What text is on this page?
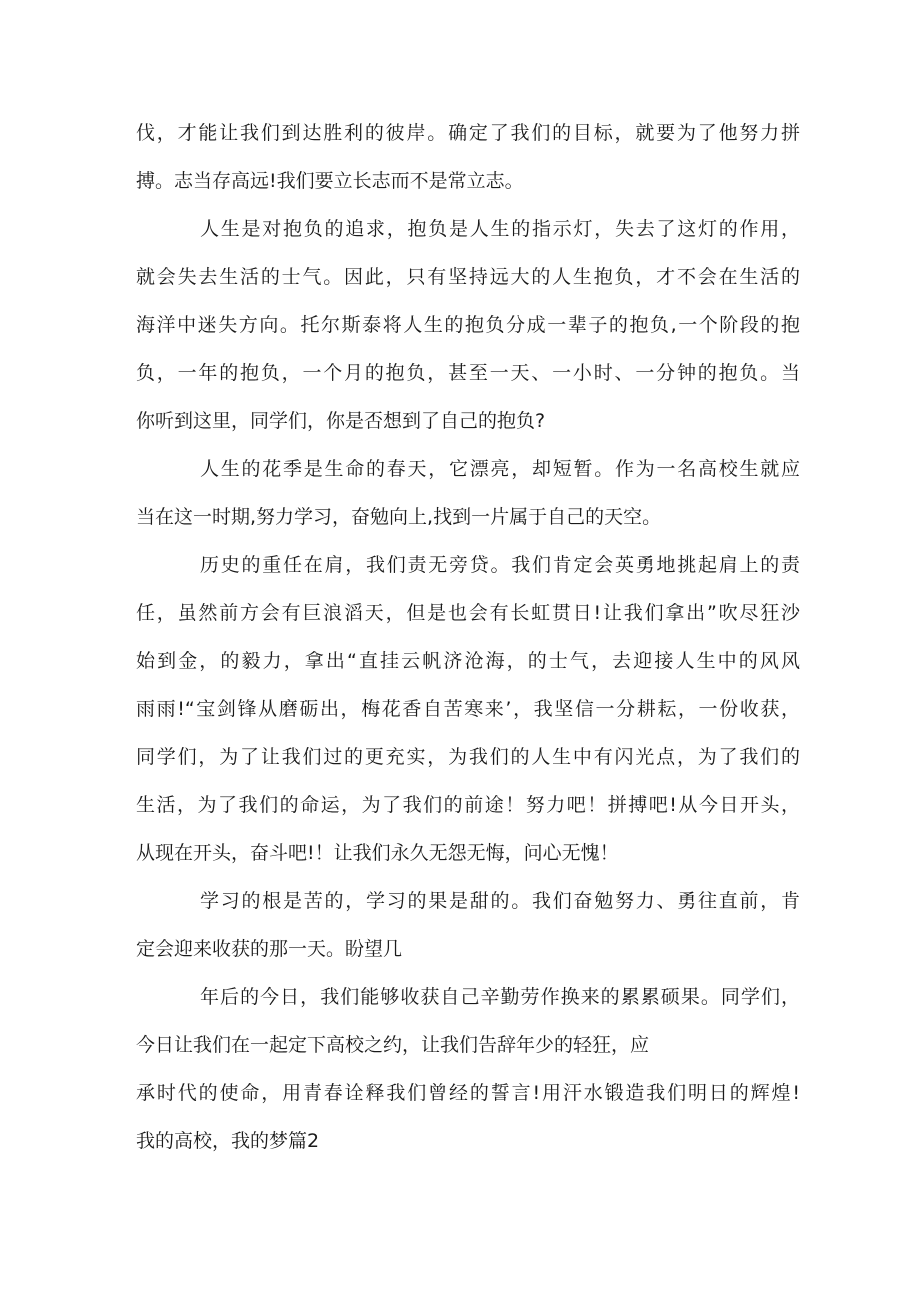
伐，才能让我们到达胜利的彼岸。确定了我们的目标，就要为了他努力拼
搏。志当存高远!我们要立长志而不是常立志。
人生是对抱负的追求，抱负是人生的指示灯，失去了这灯的作用，
就会失去生活的士气。因此，只有坚持远大的人生抱负，才不会在生活的
海洋中迷失方向。托尔斯泰将人生的抱负分成一辈子的抱负,一个阶段的抱
负，一年的抱负，一个月的抱负，甚至一天、一小时、一分钟的抱负。当
你听到这里，同学们，你是否想到了自己的抱负?
人生的花季是生命的春天，它漂亮，却短暂。作为一名高校生就应
当在这一时期,努力学习，奋勉向上,找到一片属于自己的天空。
历史的重任在肩，我们责无旁贷。我们肯定会英勇地挑起肩上的责
任，虽然前方会有巨浪滔天，但是也会有长虹贯日!让我们拿出”吹尽狂沙
始到金，的毅力，拿出“直挂云帆济沧海，的士气，去迎接人生中的风风
雨雨!“宝剑锋从磨砺出，梅花香自苦寒来’，我坚信一分耕耘，一份收获，
同学们，为了让我们过的更充实，为我们的人生中有闪光点，为了我们的
生活，为了我们的命运，为了我们的前途！努力吧！拼搏吧!从今日开头，
从现在开头，奋斗吧!！让我们永久无怨无悔，问心无愧！
学习的根是苦的，学习的果是甜的。我们奋勉努力、勇往直前，肯
定会迎来收获的那一天。盼望几
年后的今日，我们能够收获自己辛勤劳作换来的累累硕果。同学们，
今日让我们在一起定下高校之约，让我们告辞年少的轻狂，应
承时代的使命，用青春诠释我们曾经的誓言!用汗水锻造我们明日的辉煌!
我的高校，我的梦篇2
